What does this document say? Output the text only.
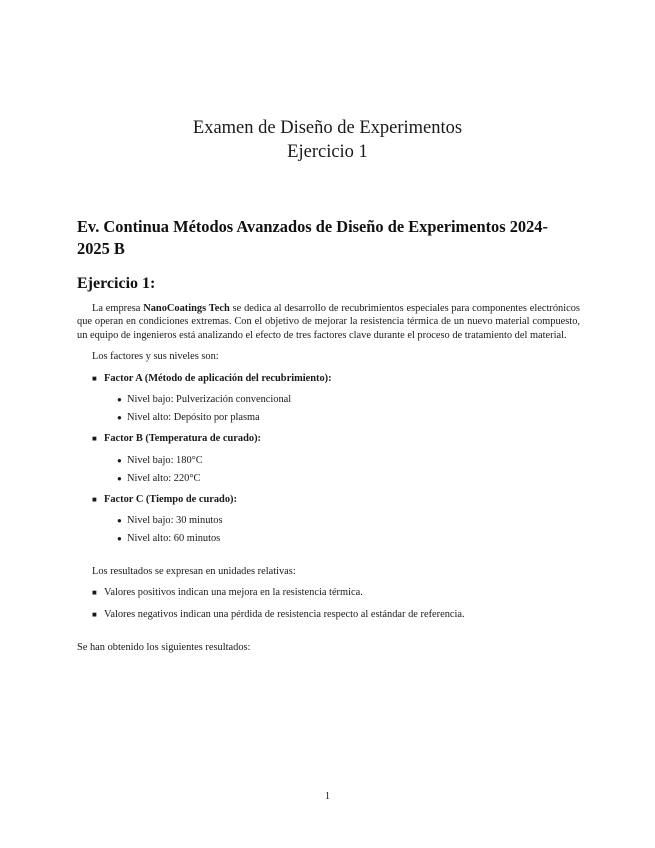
Examen de Diseño de Experimentos
Ejercicio 1
Ev. Continua Métodos Avanzados de Diseño de Experimentos 2024-2025 B
Ejercicio 1:

La empresa NanoCoatings Tech se dedica al desarrollo de recubrimientos especiales para componentes electrónicos que operan en condiciones extremas. Con el objetivo de mejorar la resistencia térmica de un nuevo material compuesto, un equipo de ingenieros está analizando el efecto de tres factores clave durante el proceso de tratamiento del material.

Los factores y sus niveles son:

■ Factor A (Método de aplicación del recubrimiento):
● Nivel bajo: Pulverización convencional
● Nivel alto: Depósito por plasma
■ Factor B (Temperatura de curado):
● Nivel bajo: 180°C
● Nivel alto: 220°C
■ Factor C (Tiempo de curado):
● Nivel bajo: 30 minutos
● Nivel alto: 60 minutos

Los resultados se expresan en unidades relativas:

■ Valores positivos indican una mejora en la resistencia térmica.
■ Valores negativos indican una pérdida de resistencia respecto al estándar de referencia.

Se han obtenido los siguientes resultados:

1
